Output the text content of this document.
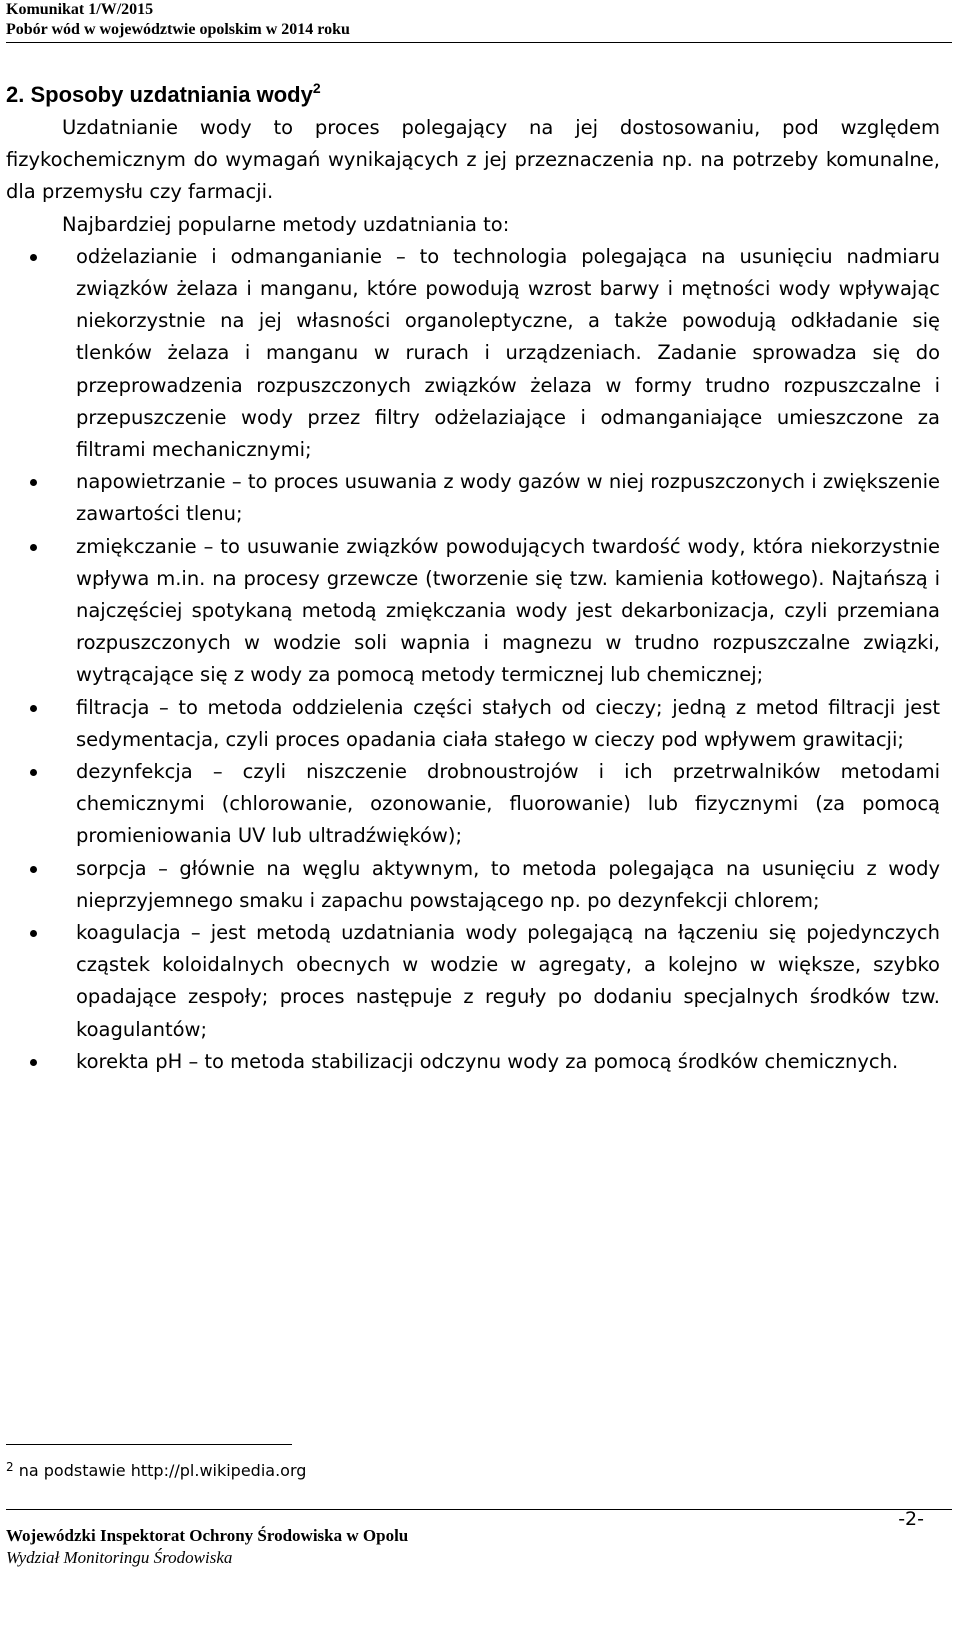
Komunikat 1/W/2015
Pobór wód w województwie opolskim w 2014 roku
2. Sposoby uzdatniania wody$^2$

Uzdatnianie wody to proces polegający na jej dostosowaniu, pod względem fizykochemicznym do wymagań wynikających z jej przeznaczenia np. na potrzeby komunalne, dla przemysłu czy farmacji.

Najbardziej popularne metody uzdatniania to:

odżelazianie i odmanganianie – to technologia polegająca na usunięciu nadmiaru związków żelaza i manganu, które powodują wzrost barwy i mętności wody wpływając niekorzystnie na jej własności organoleptyczne, a także powodują odkładanie się tlenków żelaza i manganu w rurach i urządzeniach. Zadanie sprowadza się do przeprowadzenia rozpuszczonych związków żelaza w formy trudno rozpuszczalne i przepuszczenie wody przez filtry odżelaziające i odmanganiające umieszczone za filtrami mechanicznymi;
napowietrzanie – to proces usuwania z wody gazów w niej rozpuszczonych i zwiększenie zawartości tlenu;
zmiękczanie – to usuwanie związków powodujących twardość wody, która niekorzystnie wpływa m.in. na procesy grzewcze (tworzenie się tzw. kamienia kotłowego). Najtańszą i najczęściej spotykaną metodą zmiękczania wody jest dekarbonizacja, czyli przemiana rozpuszczonych w wodzie soli wapnia i magnezu w trudno rozpuszczalne związki, wytrącające się z wody za pomocą metody termicznej lub chemicznej;
filtracja – to metoda oddzielenia części stałych od cieczy; jedną z metod filtracji jest sedymentacja, czyli proces opadania ciała stałego w cieczy pod wpływem grawitacji;
dezynfekcja – czyli niszczenie drobnoustrojów i ich przetrwalników metodami chemicznymi (chlorowanie, ozonowanie, fluorowanie) lub fizycznymi (za pomocą promieniowania UV lub ultradźwięków);
sorpcja – głównie na węglu aktywnym, to metoda polegająca na usunięciu z wody nieprzyjemnego smaku i zapachu powstającego np. po dezynfekcji chlorem;
koagulacja – jest metodą uzdatniania wody polegającą na łączeniu się pojedynczych cząstek koloidalnych obecnych w wodzie w agregaty, a kolejno w większe, szybko opadające zespoły; proces następuje z reguły po dodaniu specjalnych środków tzw. koagulantów;
korekta pH – to metoda stabilizacji odczynu wody za pomocą środków chemicznych.
$^2$ na podstawie http://pl.wikipedia.org
Wojewódzki Inspektorat Ochrony Środowiska w Opolu
Wydział Monitoringu Środowiska
-2-
